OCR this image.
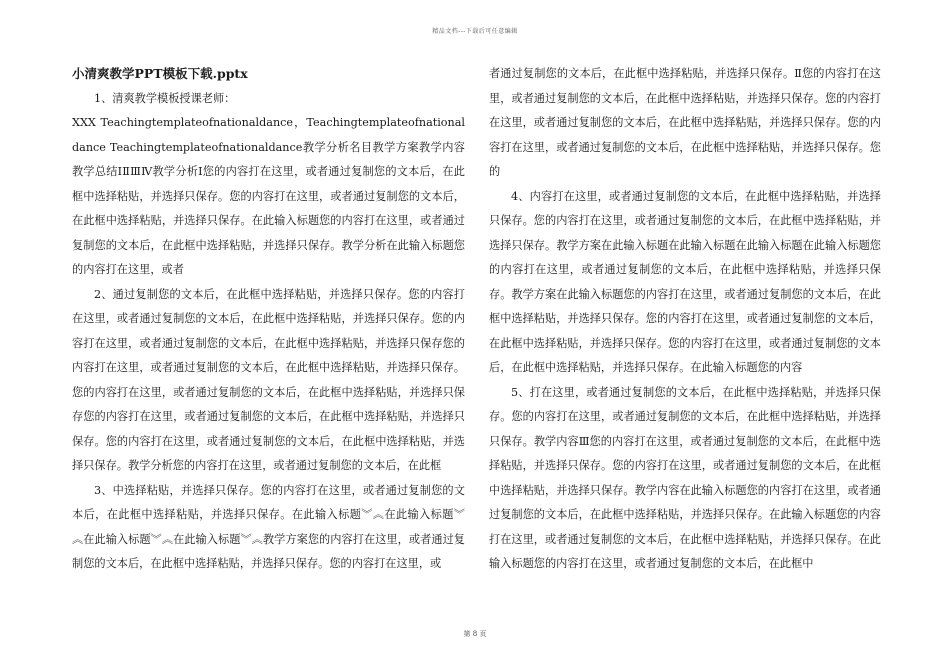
精品文档---下载后可任意编辑

小清爽教学PPT模板下载.pptx

1、清爽教学模板授课老师：

XXX Teachingtemplateofnationaldance，Teachingtemplateofnationaldance Teachingtemplateofnationaldance教学分析名目教学方案教学内容教学总结ⅠⅡⅢⅣ教学分析Ⅰ您的内容打在这里，或者通过复制您的文本后，在此框中选择粘贴，并选择只保存。您的内容打在这里，或者通过复制您的文本后，在此框中选择粘贴，并选择只保存。在此输入标题您的内容打在这里，或者通过复制您的文本后，在此框中选择粘贴，并选择只保存。教学分析在此输入标题您的内容打在这里，或者

2、通过复制您的文本后，在此框中选择粘贴，并选择只保存。您的内容打在这里，或者通过复制您的文本后，在此框中选择粘贴，并选择只保存。您的内容打在这里，或者通过复制您的文本后，在此框中选择粘贴，并选择只保存您的内容打在这里，或者通过复制您的文本后，在此框中选择粘贴，并选择只保存。您的内容打在这里，或者通过复制您的文本后，在此框中选择粘贴，并选择只保存您的内容打在这里，或者通过复制您的文本后，在此框中选择粘贴，并选择只保存。您的内容打在这里，或者通过复制您的文本后，在此框中选择粘贴，并选择只保存。教学分析您的内容打在这里，或者通过复制您的文本后，在此框

3、中选择粘贴，并选择只保存。您的内容打在这里，或者通过复制您的文本后，在此框中选择粘贴，并选择只保存。在此输入标题︾︽在此输入标题︾︽在此输入标题︾︽在此输入标题︾︽教学方案您的内容打在这里，或者通过复制您的文本后，在此框中选择粘贴，并选择只保存。您的内容打在这里，或

者通过复制您的文本后，在此框中选择粘贴，并选择只保存。Ⅱ您的内容打在这里，或者通过复制您的文本后，在此框中选择粘贴，并选择只保存。您的内容打在这里，或者通过复制您的文本后，在此框中选择粘贴，并选择只保存。您的内容打在这里，或者通过复制您的文本后，在此框中选择粘贴，并选择只保存。您的

4、内容打在这里，或者通过复制您的文本后，在此框中选择粘贴，并选择只保存。您的内容打在这里，或者通过复制您的文本后，在此框中选择粘贴，并选择只保存。教学方案在此输入标题在此输入标题在此输入标题在此输入标题您的内容打在这里，或者通过复制您的文本后，在此框中选择粘贴，并选择只保存。教学方案在此输入标题您的内容打在这里，或者通过复制您的文本后，在此框中选择粘贴，并选择只保存。您的内容打在这里，或者通过复制您的文本后，在此框中选择粘贴，并选择只保存。您的内容打在这里，或者通过复制您的文本后，在此框中选择粘贴，并选择只保存。在此输入标题您的内容

5、打在这里，或者通过复制您的文本后，在此框中选择粘贴，并选择只保存。您的内容打在这里，或者通过复制您的文本后，在此框中选择粘贴，并选择只保存。教学内容Ⅲ您的内容打在这里，或者通过复制您的文本后，在此框中选择粘贴，并选择只保存。您的内容打在这里，或者通过复制您的文本后，在此框中选择粘贴，并选择只保存。教学内容在此输入标题您的内容打在这里，或者通过复制您的文本后，在此框中选择粘贴，并选择只保存。在此输入标题您的内容打在这里，或者通过复制您的文本后，在此框中选择粘贴，并选择只保存。在此输入标题您的内容打在这里，或者通过复制您的文本后，在此框中

第 8 页
